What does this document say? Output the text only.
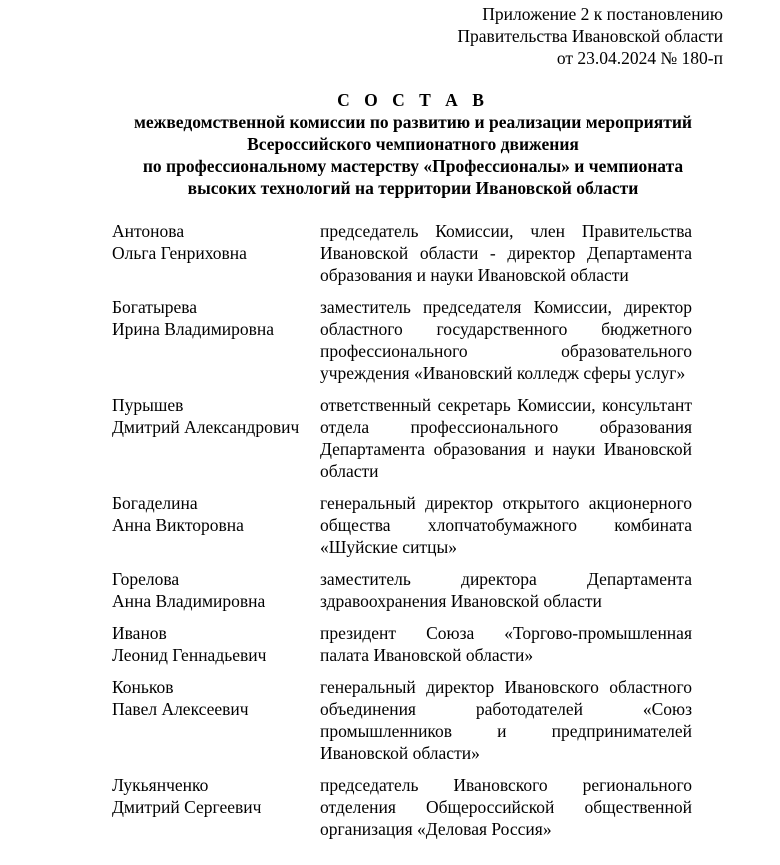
Приложение 2 к постановлению
Правительства Ивановской области
от 23.04.2024 № 180-п
С О С Т А В
межведомственной комиссии по развитию и реализации мероприятий
Всероссийского чемпионатного движения
по профессиональному мастерству «Профессионалы» и чемпионата
высоких технологий на территории Ивановской области
Антонова
Ольга Генриховна
председатель Комиссии, член Правительства Ивановской области - директор Департамента образования и науки Ивановской области
Богатырева
Ирина Владимировна
заместитель председателя Комиссии, директор областного государственного бюджетного профессионального образовательного учреждения «Ивановский колледж сферы услуг»
Пурышев
Дмитрий Александрович
ответственный секретарь Комиссии, консультант отдела профессионального образования Департамента образования и науки Ивановской области
Богаделина
Анна Викторовна
генеральный директор открытого акционерного общества хлопчатобумажного комбината «Шуйские ситцы»
Горелова
Анна Владимировна
заместитель директора Департамента здравоохранения Ивановской области
Иванов
Леонид Геннадьевич
президент Союза «Торгово-промышленная палата Ивановской области»
Коньков
Павел Алексеевич
генеральный директор Ивановского областного объединения работодателей «Союз промышленников и предпринимателей Ивановской области»
Лукьянченко
Дмитрий Сергеевич
председатель Ивановского регионального отделения Общероссийской общественной организация «Деловая Россия»
